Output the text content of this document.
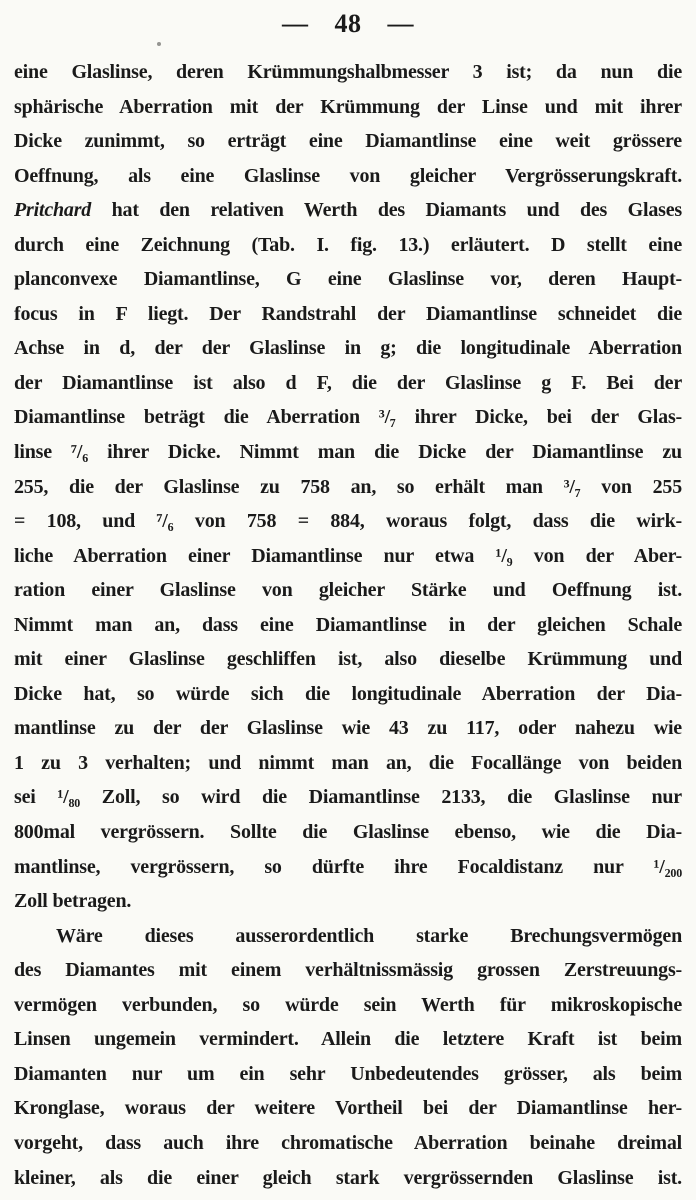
— 48 —
eine Glaslinse, deren Krümmungshalbmesser 3 ist; da nun die
sphärische Aberration mit der Krümmung der Linse und mit ihrer
Dicke zunimmt, so erträgt eine Diamantlinse eine weit grössere
Oeffnung, als eine Glaslinse von gleicher Vergrösserungskraft.
Pritchard hat den relativen Werth des Diamants und des Glases
durch eine Zeichnung (Tab. I. fig. 13.) erläutert. D stellt eine
planconvexe Diamantlinse, G eine Glaslinse vor, deren Haupt-
focus in F liegt. Der Randstrahl der Diamantlinse schneidet die
Achse in d, der der Glaslinse in g; die longitudinale Aberration
der Diamantlinse ist also d F, die der Glaslinse g F. Bei der
Diamantlinse beträgt die Aberration ³/₇ ihrer Dicke, bei der Glas-
linse ⁷/₆ ihrer Dicke. Nimmt man die Dicke der Diamantlinse zu
255, die der Glaslinse zu 758 an, so erhält man ³/₇ von 255
= 108, und ⁷/₆ von 758 = 884, woraus folgt, dass die wirk-
liche Aberration einer Diamantlinse nur etwa ¹/₉ von der Aber-
ration einer Glaslinse von gleicher Stärke und Oeffnung ist.
Nimmt man an, dass eine Diamantlinse in der gleichen Schale
mit einer Glaslinse geschliffen ist, also dieselbe Krümmung und
Dicke hat, so würde sich die longitudinale Aberration der Dia-
mantlinse zu der der Glaslinse wie 43 zu 117, oder nahezu wie
1 zu 3 verhalten; und nimmt man an, die Focallänge von beiden
sei ¹/₈₀ Zoll, so wird die Diamantlinse 2133, die Glaslinse nur
800mal vergrössern. Sollte die Glaslinse ebenso, wie die Dia-
mantlinse, vergrössern, so dürfte ihre Focaldistanz nur ¹/₂₀₀
Zoll betragen.
Wäre dieses ausserordentlich starke Brechungsvermögen
des Diamantes mit einem verhältnissmässig grossen Zerstreuungs-
vermögen verbunden, so würde sein Werth für mikroskopische
Linsen ungemein vermindert. Allein die letztere Kraft ist beim
Diamanten nur um ein sehr Unbedeutendes grösser, als beim
Kronglase, woraus der weitere Vortheil bei der Diamantlinse her-
vorgeht, dass auch ihre chromatische Aberration beinahe dreimal
kleiner, als die einer gleich stark vergrössernden Glaslinse ist.
